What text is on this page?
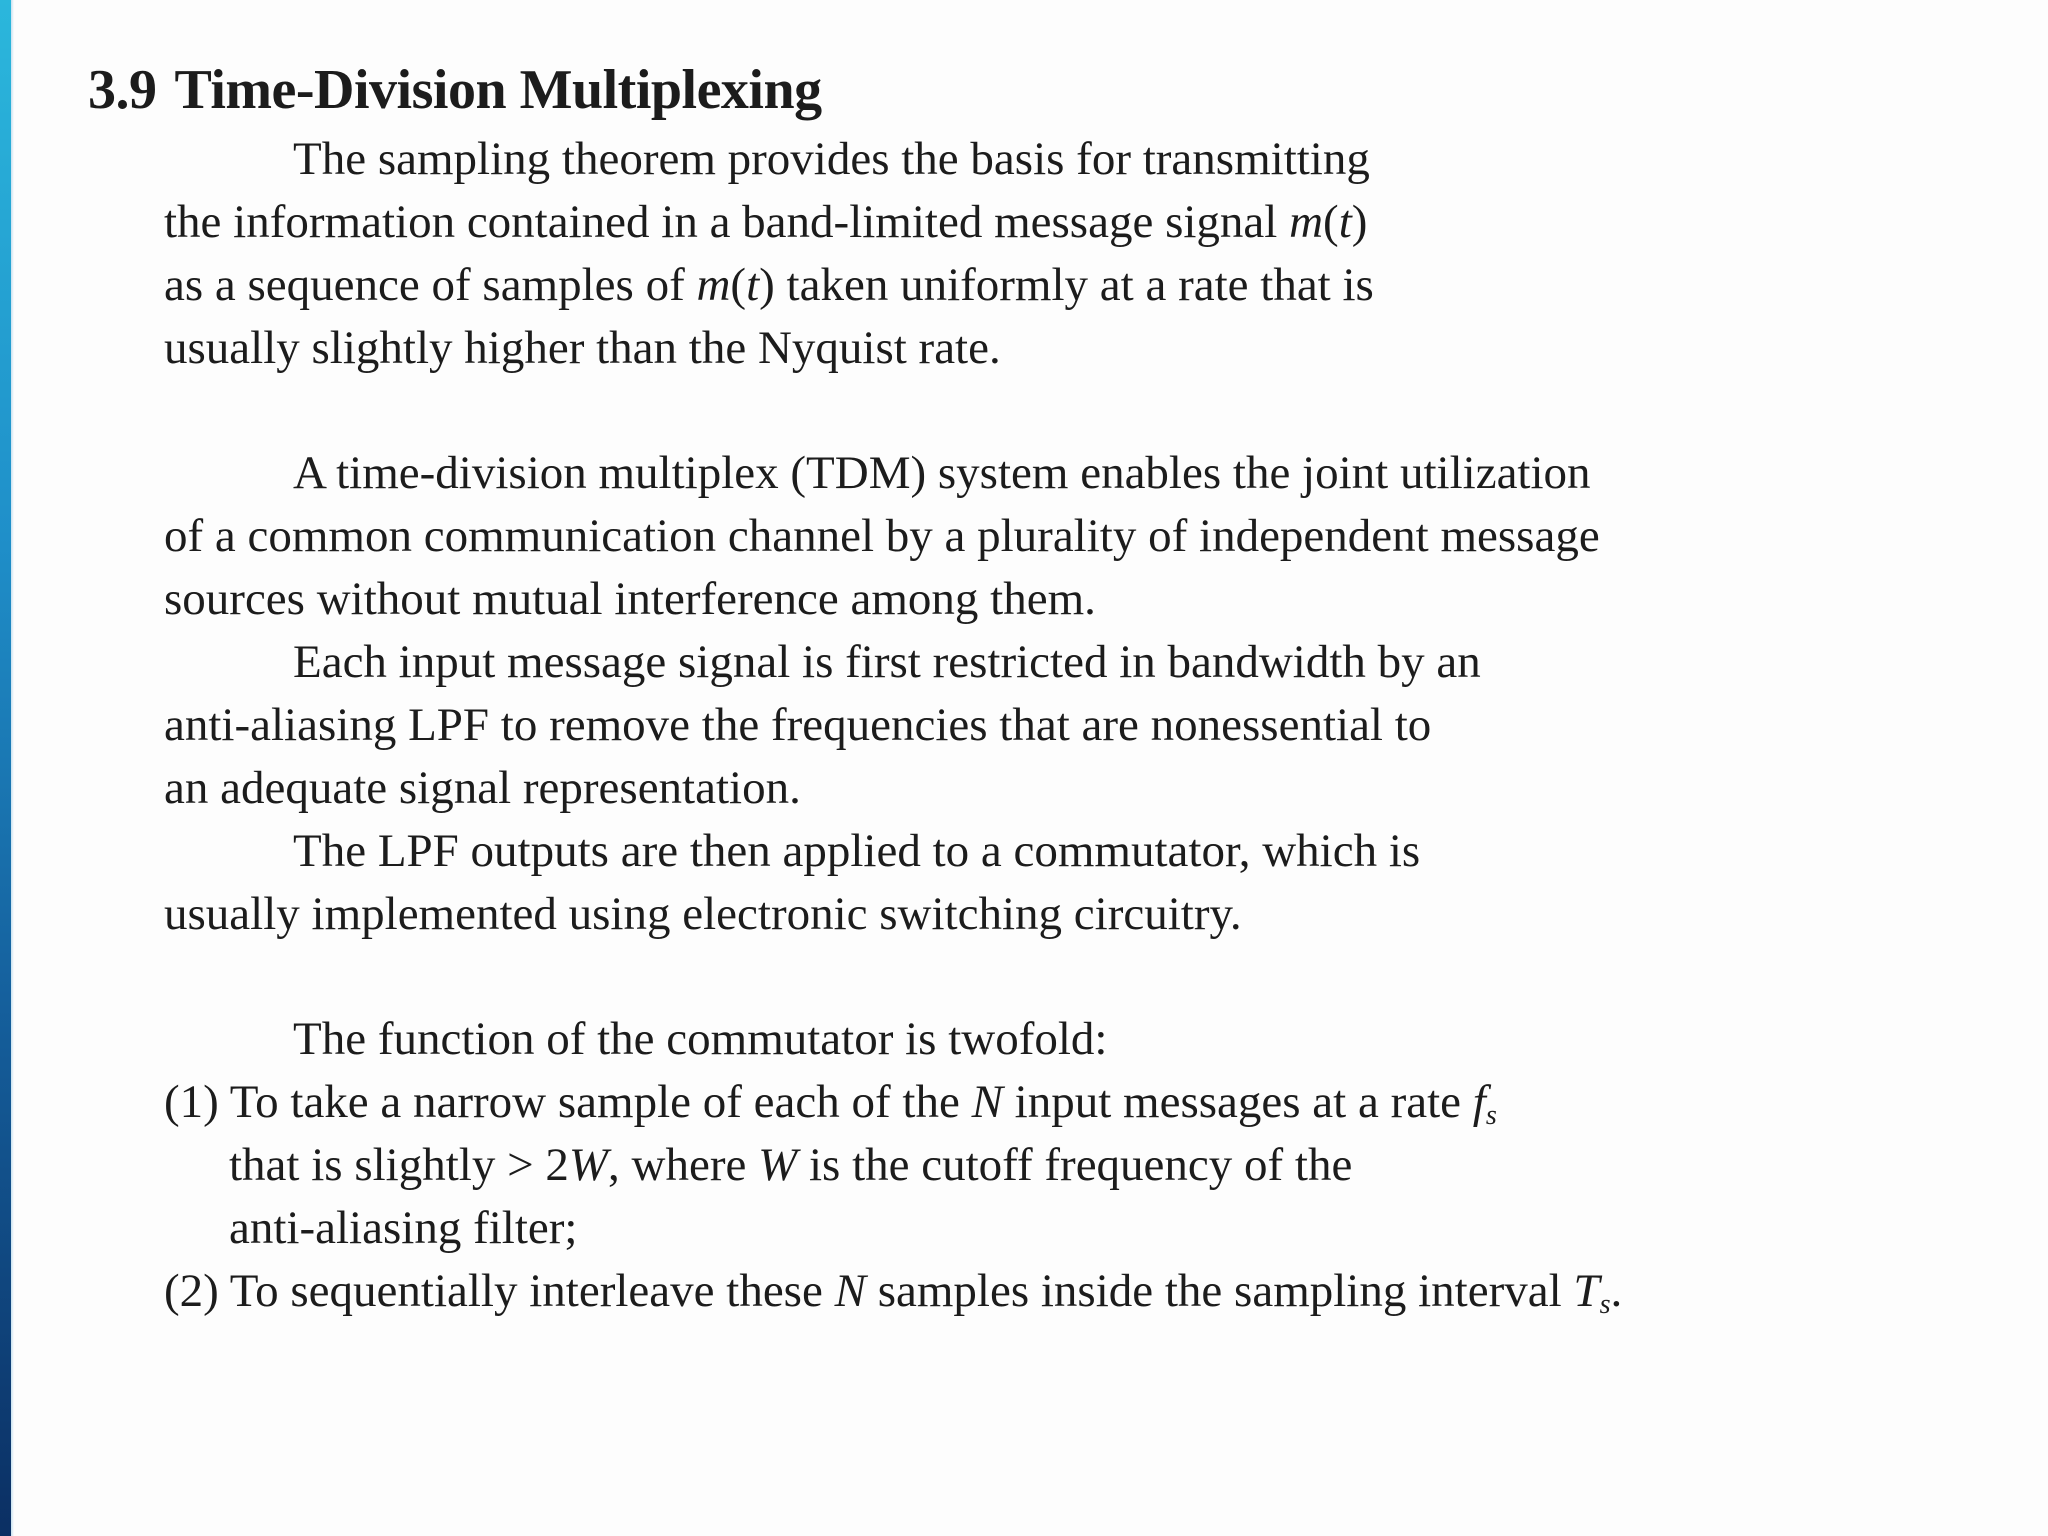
3.9 Time-Division Multiplexing
The sampling theorem provides the basis for transmitting
the information contained in a band-limited message signal m(t)
as a sequence of samples of m(t) taken uniformly at a rate that is
usually slightly higher than the Nyquist rate.
A time-division multiplex (TDM) system enables the joint utilization
of a common communication channel by a plurality of independent message
sources without mutual interference among them.
Each input message signal is first restricted in bandwidth by an
anti-aliasing LPF to remove the frequencies that are nonessential to
an adequate signal representation.
The LPF outputs are then applied to a commutator, which is
usually implemented using electronic switching circuitry.
The function of the commutator is twofold:
(1) To take a narrow sample of each of the N input messages at a rate $f_s$
that is slightly > 2W, where W is the cutoff frequency of the
anti-aliasing filter;
(2) To sequentially interleave these N samples inside the sampling interval $T_s$.
